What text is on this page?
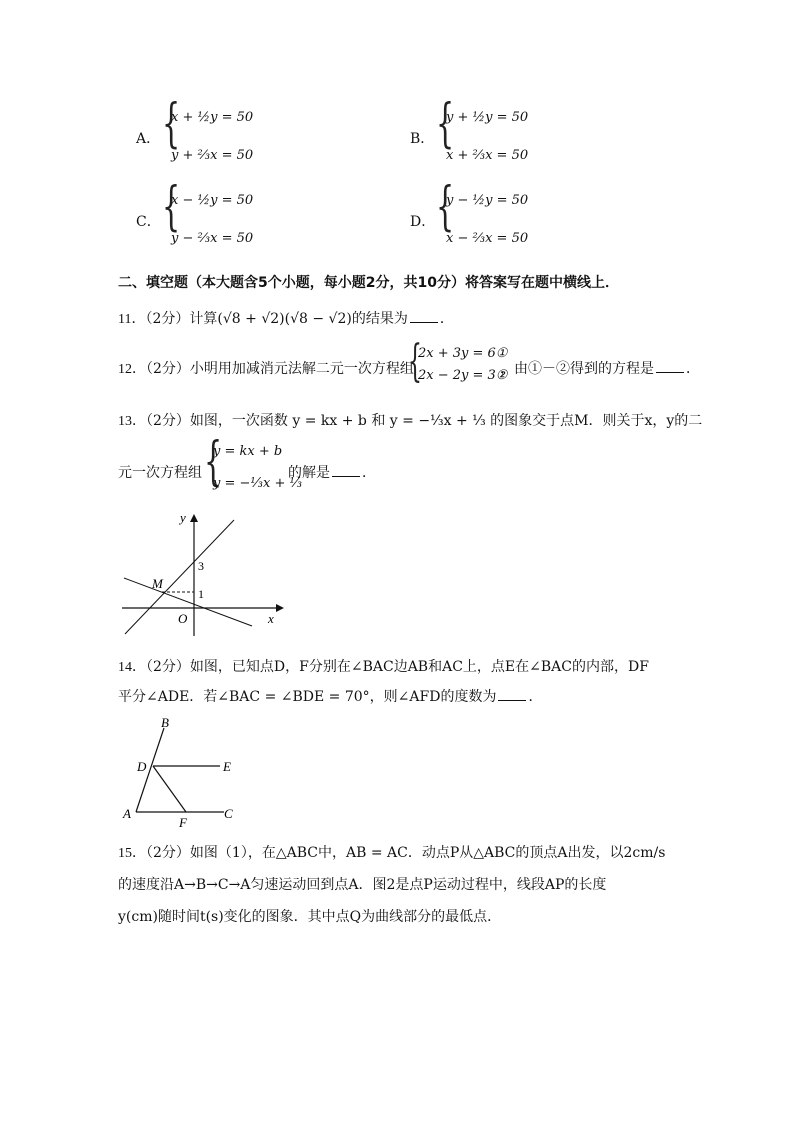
A． {
x + ½y = 50
y + ⅔x = 50
B． {
y + ½y = 50
x + ⅔x = 50
C． {
x − ½y = 50
y − ⅔x = 50
D． {
y − ½y = 50
x − ⅔x = 50
二、填空题（本大题含5个小题，每小题2分，共10分）将答案写在题中横线上．
11．（2分）计算(√8 + √2)(√8 − √2)的结果为 ．
12．（2分）小明用加减消元法解二元一次方程组
{
2x + 3y = 6①
2x − 2y = 3②
，由①－②得到的方程是 ．
13．（2分）如图，一次函数 y = kx + b 和 y = −⅓x + ⅓ 的图象交于点M．则关于x，y的二
元一次方程组 {
y = kx + b
y = −⅓x + ⅓
的解是 ．
y
x
O
M
3
1
14．（2分）如图，已知点D，F分别在∠BAC边AB和AC上，点E在∠BAC的内部，DF
平分∠ADE．若∠BAC = ∠BDE = 70°，则∠AFD的度数为 ．
B
D	E
A
F
C
15．（2分）如图（1），在△ABC中，AB = AC．动点P从△ABC的顶点A出发，以2cm/s
的速度沿A→B→C→A匀速运动回到点A．图2是点P运动过程中，线段AP的长度
y(cm)随时间t(s)变化的图象．其中点Q为曲线部分的最低点．
